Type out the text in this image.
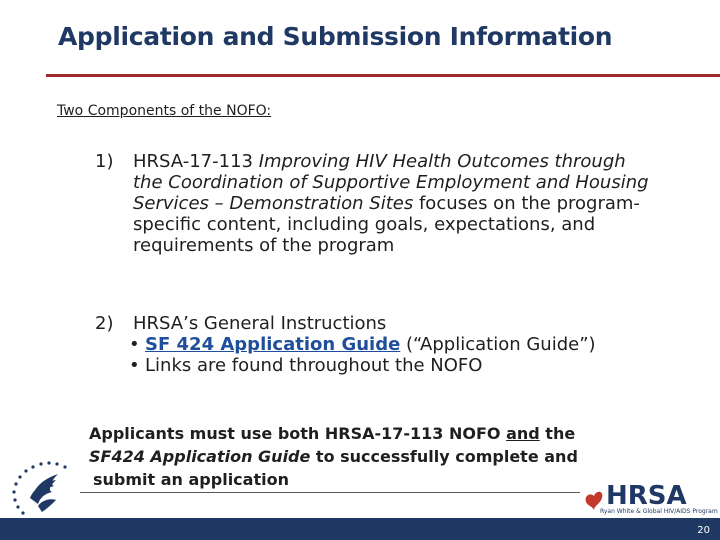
Application and Submission Information
Two Components of the NOFO:
1) HRSA-17-113 Improving HIV Health Outcomes through the Coordination of Supportive Employment and Housing Services – Demonstration Sites focuses on the program-specific content, including goals, expectations, and requirements of the program
2) HRSA’s General Instructions
• SF 424 Application Guide (“Application Guide”)
• Links are found throughout the NOFO
Applicants must use both HRSA-17-113 NOFO and the
SF424 Application Guide to successfully complete and
submit an application
HRSA
Ryan White & Global HIV/AIDS Program
20
